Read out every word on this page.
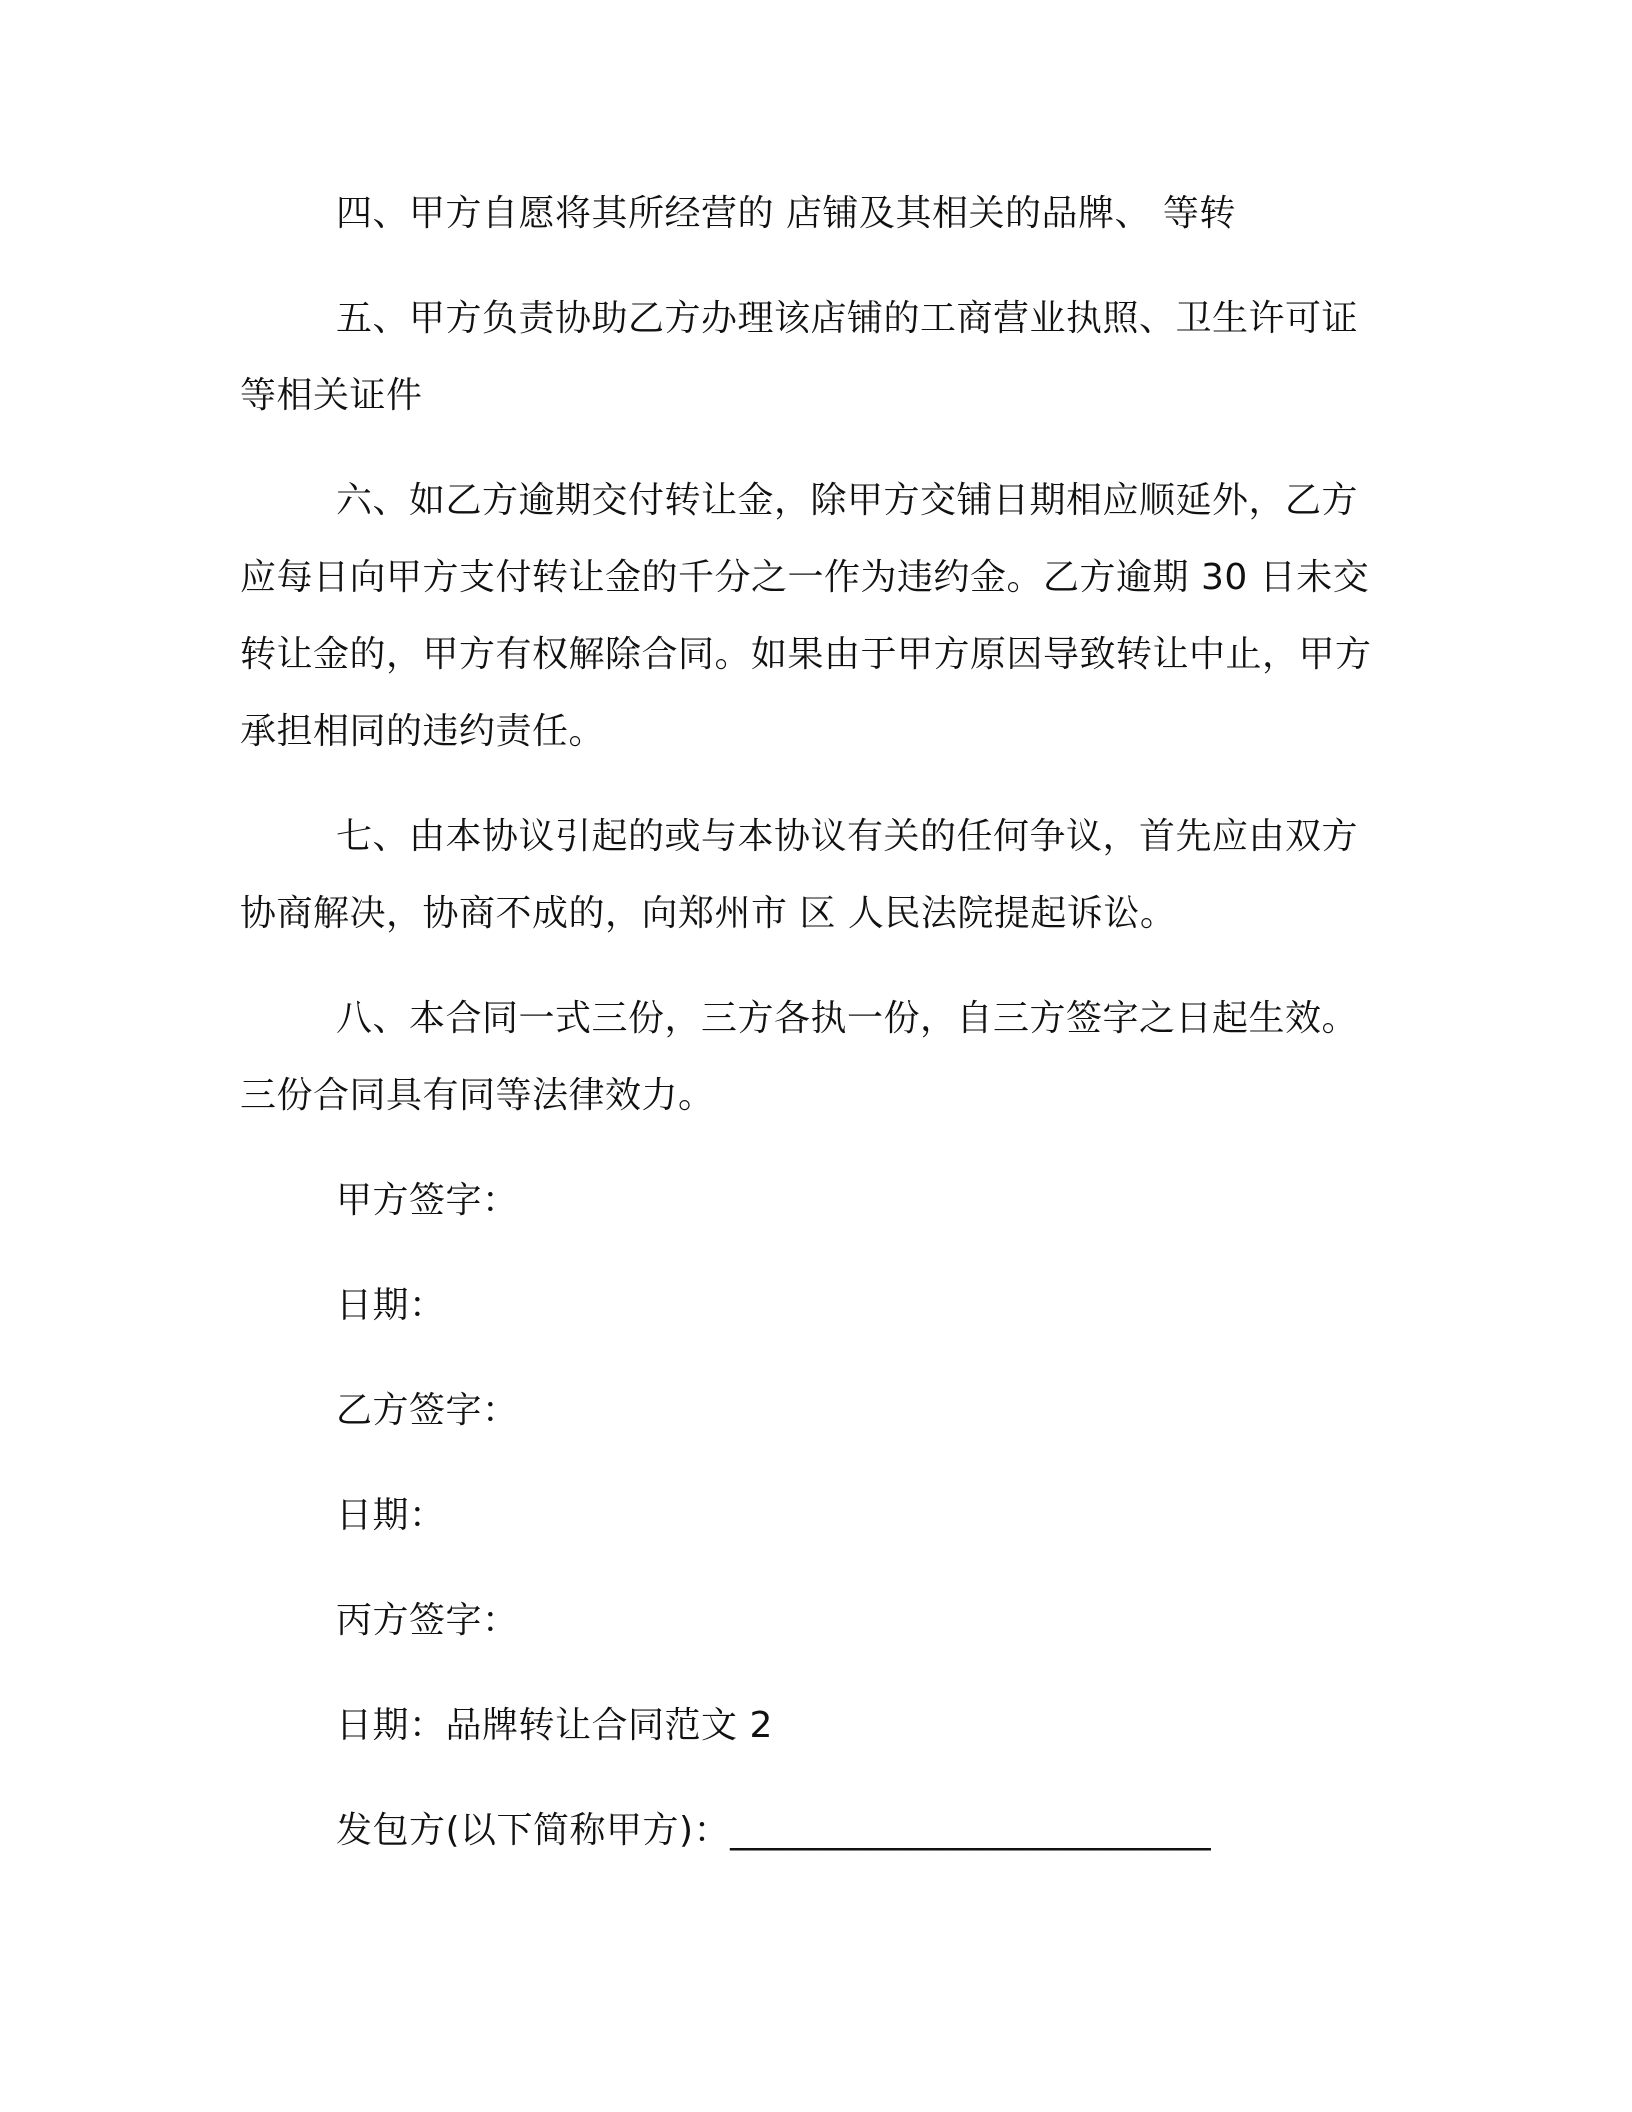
四、甲方自愿将其所经营的 店铺及其相关的品牌、 等转

五、甲方负责协助乙方办理该店铺的工商营业执照、卫生许可证等相关证件

六、如乙方逾期交付转让金，除甲方交铺日期相应顺延外，乙方应每日向甲方支付转让金的千分之一作为违约金。乙方逾期 30 日未交转让金的，甲方有权解除合同。如果由于甲方原因导致转让中止，甲方承担相同的违约责任。

七、由本协议引起的或与本协议有关的任何争议，首先应由双方协商解决，协商不成的，向郑州市 区 人民法院提起诉讼。

八、本合同一式三份，三方各执一份，自三方签字之日起生效。三份合同具有同等法律效力。

甲方签字：

日期：

乙方签字：

日期：

丙方签字：

日期：品牌转让合同范文 2

发包方(以下简称甲方)：__________________________
